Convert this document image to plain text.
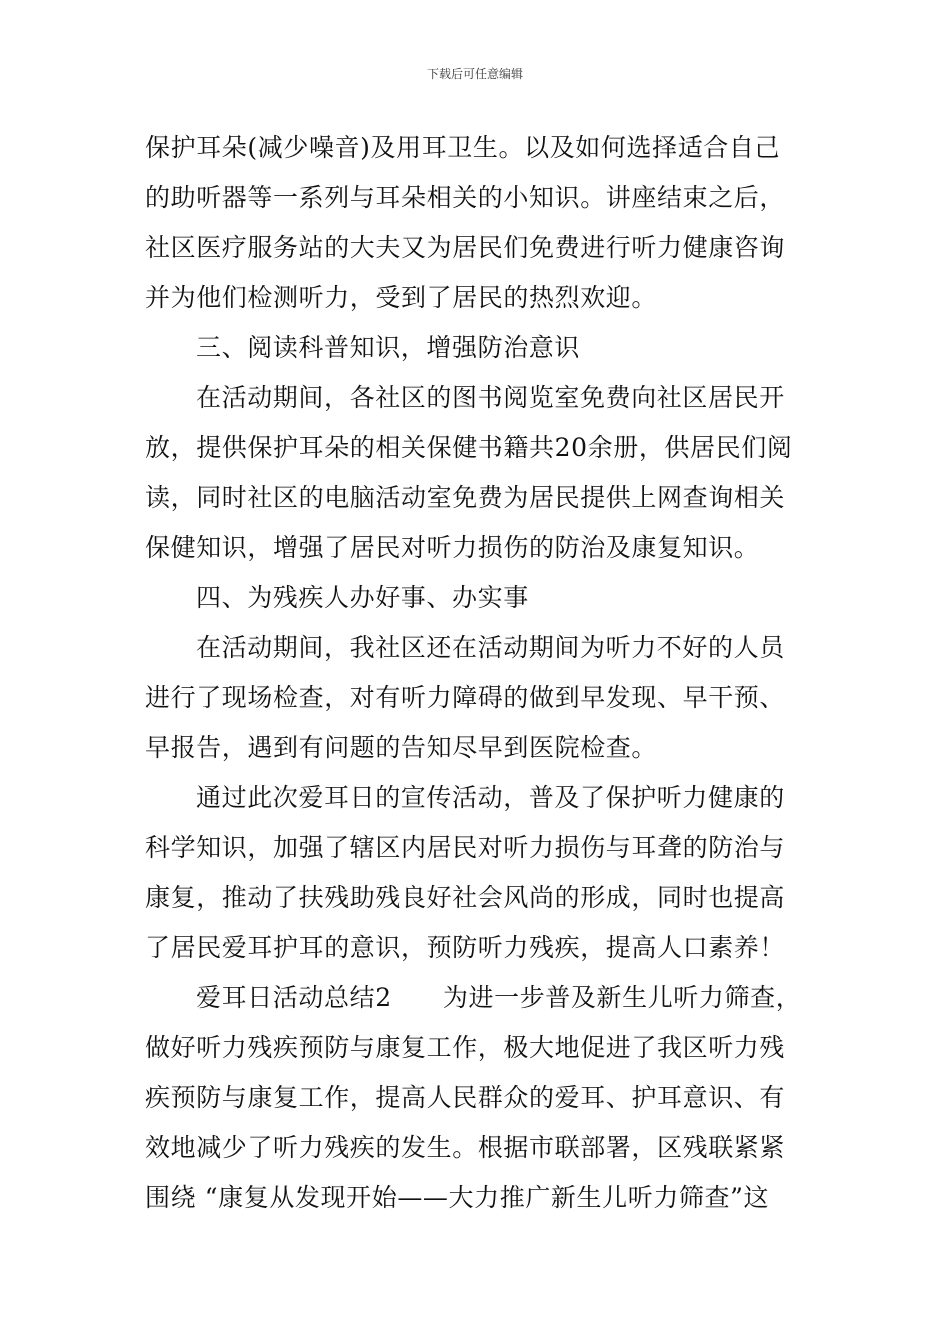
下载后可任意编辑
保护耳朵(减少噪音)及用耳卫生。以及如何选择适合自己
的助听器等一系列与耳朵相关的小知识。讲座结束之后，
社区医疗服务站的大夫又为居民们免费进行听力健康咨询
并为他们检测听力，受到了居民的热烈欢迎。
三、阅读科普知识，增强防治意识
在活动期间，各社区的图书阅览室免费向社区居民开
放，提供保护耳朵的相关保健书籍共20余册，供居民们阅
读，同时社区的电脑活动室免费为居民提供上网查询相关
保健知识，增强了居民对听力损伤的防治及康复知识。
四、为残疾人办好事、办实事
在活动期间，我社区还在活动期间为听力不好的人员
进行了现场检查，对有听力障碍的做到早发现、早干预、
早报告，遇到有问题的告知尽早到医院检查。
通过此次爱耳日的宣传活动，普及了保护听力健康的
科学知识，加强了辖区内居民对听力损伤与耳聋的防治与
康复，推动了扶残助残良好社会风尚的形成，同时也提高
了居民爱耳护耳的意识，预防听力残疾，提高人口素养！
爱耳日活动总结2　　为进一步普及新生儿听力筛查，
做好听力残疾预防与康复工作，极大地促进了我区听力残
疾预防与康复工作，提高人民群众的爱耳、护耳意识、有
效地减少了听力残疾的发生。根据市联部署，区残联紧紧
围绕 “康复从发现开始——大力推广新生儿听力筛查”这
